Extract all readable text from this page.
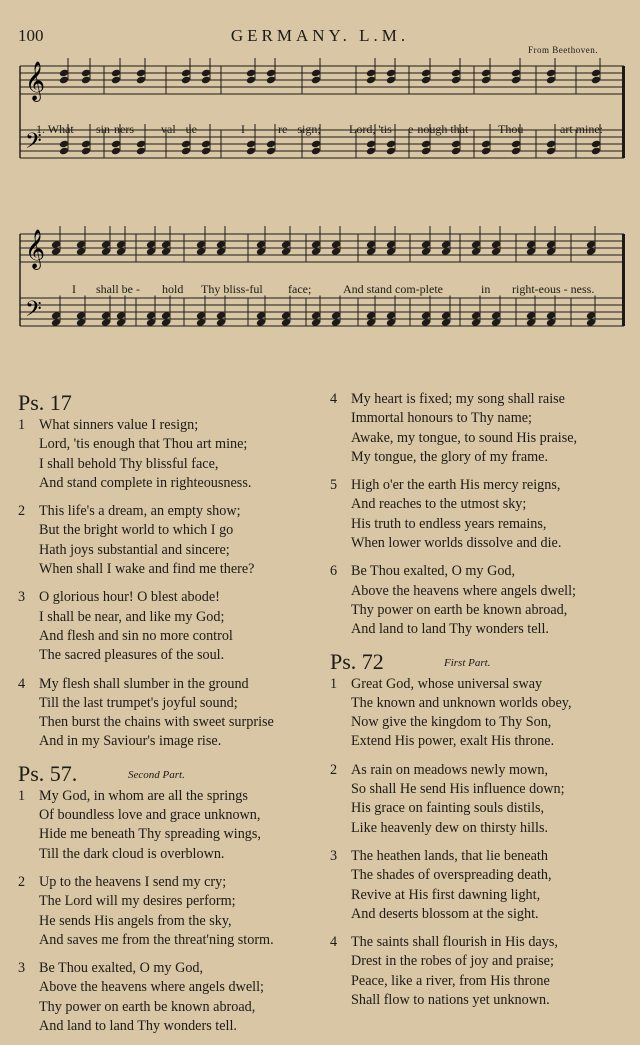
100	GERMANY. L.M.
From Beethoven.
𝄞
𝄢
𝄞
𝄢
1. What sin-ners val - ue	I	re - sign; Lord, 'tis e-nough that Thou	art mine:
I shall be - hold Thy bliss-ful face;	And stand com-plete	in right-eous - ness.
Ps. 17
1 What sinners value I resign;
Lord, 'tis enough that Thou art mine;
I shall behold Thy blissful face,
And stand complete in righteousness.
2 This life's a dream, an empty show;
But the bright world to which I go
Hath joys substantial and sincere;
When shall I wake and find me there?
3 O glorious hour! O blest abode!
I shall be near, and like my God;
And flesh and sin no more control
The sacred pleasures of the soul.
4 My flesh shall slumber in the ground
Till the last trumpet's joyful sound;
Then burst the chains with sweet surprise
And in my Saviour's image rise.
Ps. 57.	Second Part.
1 My God, in whom are all the springs
Of boundless love and grace unknown,
Hide me beneath Thy spreading wings,
Till the dark cloud is overblown.
2 Up to the heavens I send my cry;
The Lord will my desires perform;
He sends His angels from the sky,
And saves me from the threat'ning storm.
3 Be Thou exalted, O my God,
Above the heavens where angels dwell;
Thy power on earth be known abroad,
And land to land Thy wonders tell.
4 My heart is fixed; my song shall raise
Immortal honours to Thy name;
Awake, my tongue, to sound His praise,
My tongue, the glory of my frame.
5 High o'er the earth His mercy reigns,
And reaches to the utmost sky;
His truth to endless years remains,
When lower worlds dissolve and die.
6 Be Thou exalted, O my God,
Above the heavens where angels dwell;
Thy power on earth be known abroad,
And land to land Thy wonders tell.
Ps. 72	First Part.
1 Great God, whose universal sway
The known and unknown worlds obey,
Now give the kingdom to Thy Son,
Extend His power, exalt His throne.
2 As rain on meadows newly mown,
So shall He send His influence down;
His grace on fainting souls distils,
Like heavenly dew on thirsty hills.
3 The heathen lands, that lie beneath
The shades of overspreading death,
Revive at His first dawning light,
And deserts blossom at the sight.
4 The saints shall flourish in His days,
Drest in the robes of joy and praise;
Peace, like a river, from His throne
Shall flow to nations yet unknown.
